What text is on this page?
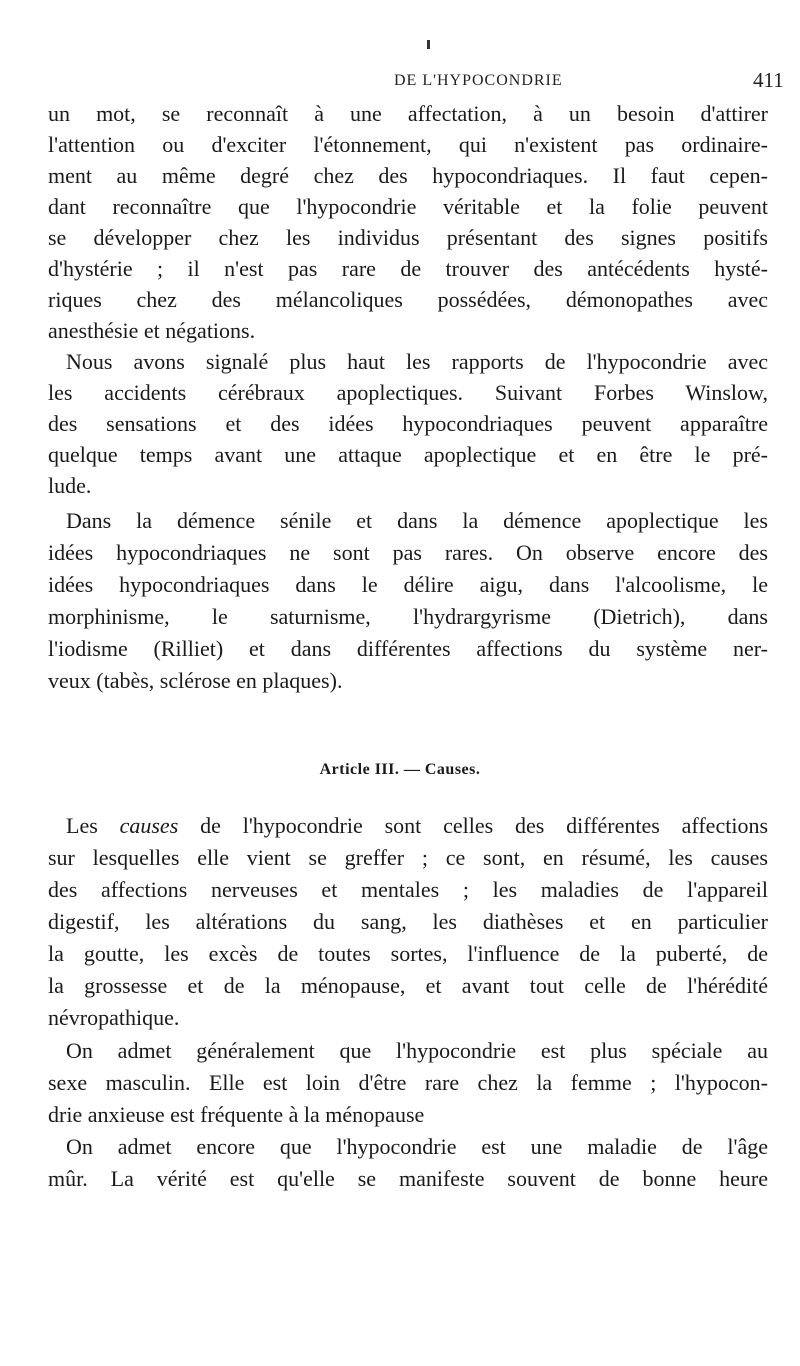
DE L'HYPOCONDRIE	411
un mot, se reconnaît à une affectation, à un besoin d'attirer
l'attention ou d'exciter l'étonnement, qui n'existent pas ordinaire-
ment au même degré chez des hypocondriaques. Il faut cepen-
dant reconnaître que l'hypocondrie véritable et la folie peuvent
se développer chez les individus présentant des signes positifs
d'hystérie ; il n'est pas rare de trouver des antécédents hysté-
riques chez des mélancoliques possédées, démonopathes avec
anesthésie et négations.
Nous avons signalé plus haut les rapports de l'hypocondrie avec
les accidents cérébraux apoplectiques. Suivant Forbes Winslow,
des sensations et des idées hypocondriaques peuvent apparaître
quelque temps avant une attaque apoplectique et en être le pré-
lude.
Dans la démence sénile et dans la démence apoplectique les
idées hypocondriaques ne sont pas rares. On observe encore des
idées hypocondriaques dans le délire aigu, dans l'alcoolisme, le
morphinisme, le saturnisme, l'hydrargyrisme (Dietrich), dans
l'iodisme (Rilliet) et dans différentes affections du système ner-
veux (tabès, sclérose en plaques).
Article III. — Causes.
Les causes de l'hypocondrie sont celles des différentes affections
sur lesquelles elle vient se greffer ; ce sont, en résumé, les causes
des affections nerveuses et mentales ; les maladies de l'appareil
digestif, les altérations du sang, les diathèses et en particulier
la goutte, les excès de toutes sortes, l'influence de la puberté, de
la grossesse et de la ménopause, et avant tout celle de l'hérédité
névropathique.
On admet généralement que l'hypocondrie est plus spéciale au
sexe masculin. Elle est loin d'être rare chez la femme ; l'hypocon-
drie anxieuse est fréquente à la ménopause
On admet encore que l'hypocondrie est une maladie de l'âge
mûr. La vérité est qu'elle se manifeste souvent de bonne heure
